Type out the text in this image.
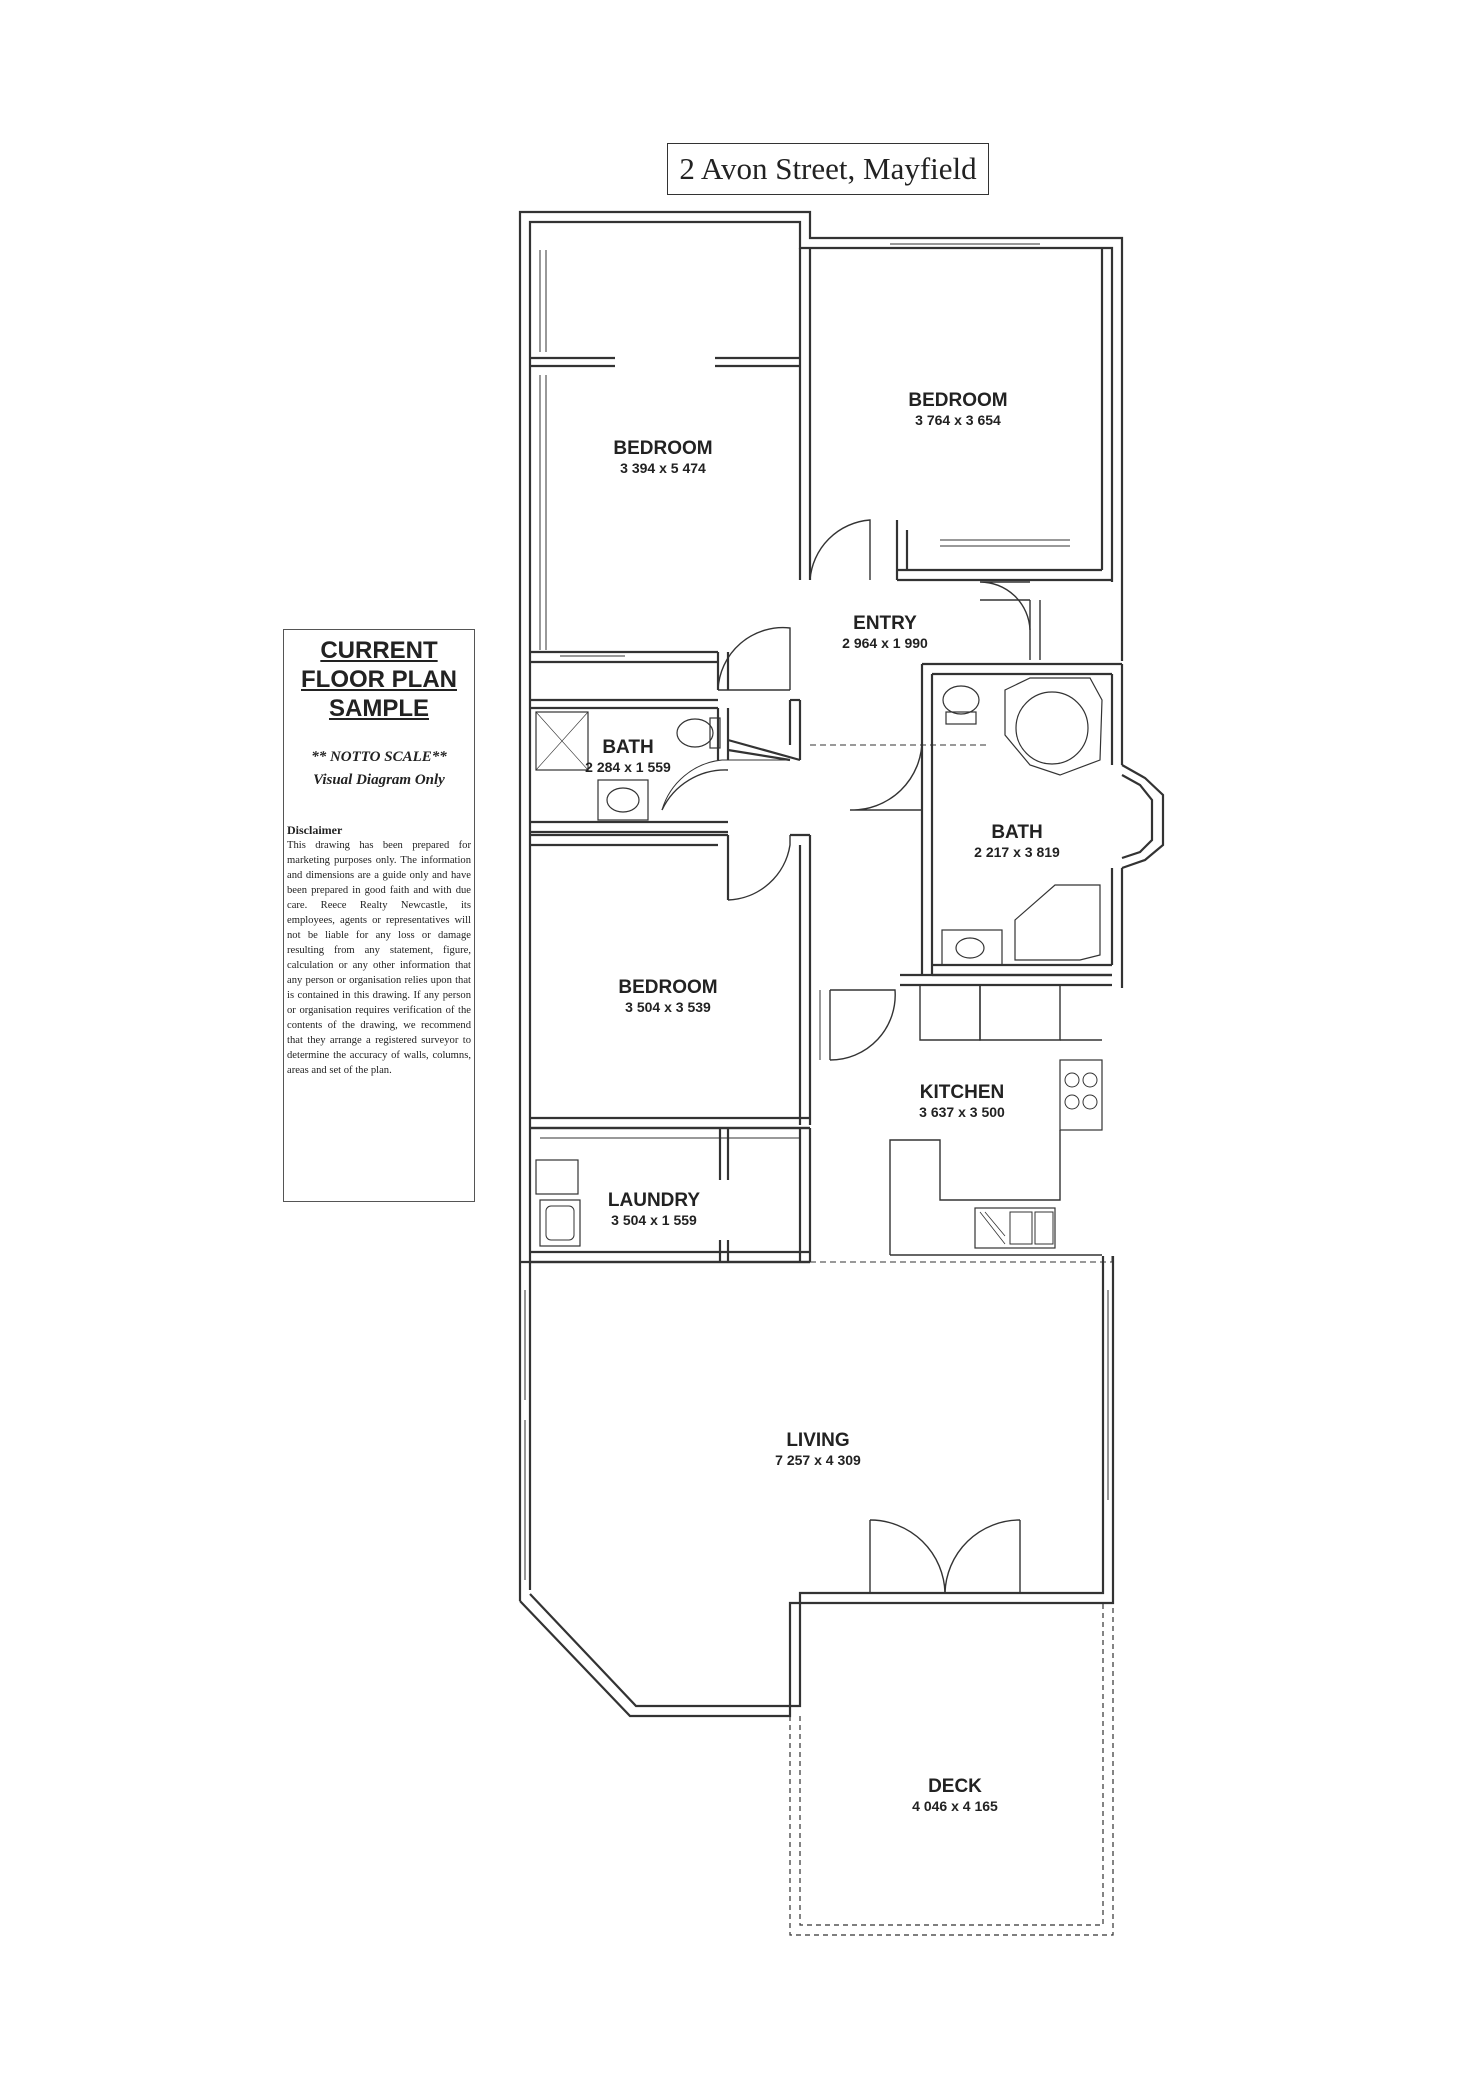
2 Avon Street, Mayfield
CURRENT
FLOOR PLAN
SAMPLE
** NOTTO SCALE**
Visual Diagram Only
Disclaimer
This drawing has been prepared for marketing purposes only. The information and dimensions are a guide only and have been prepared in good faith and with due care. Reece Realty Newcastle, its employees, agents or representatives will not be liable for any loss or damage resulting from any statement, figure, calculation or any other information that any person or organisation relies upon that is contained in this drawing. If any person or organisation requires verification of the contents of the drawing, we recommend that they arrange a registered surveyor to determine the accuracy of walls, columns, areas and set of the plan.
BEDROOM
3 394 x 5 474
BEDROOM
3 764 x 3 654
ENTRY
2 964 x 1 990
BATH
2 284 x 1 559
BATH
2 217 x 3 819
BEDROOM
3 504 x 3 539
KITCHEN
3 637 x 3 500
LAUNDRY
3 504 x 1 559
LIVING
7 257 x 4 309
DECK
4 046 x 4 165
